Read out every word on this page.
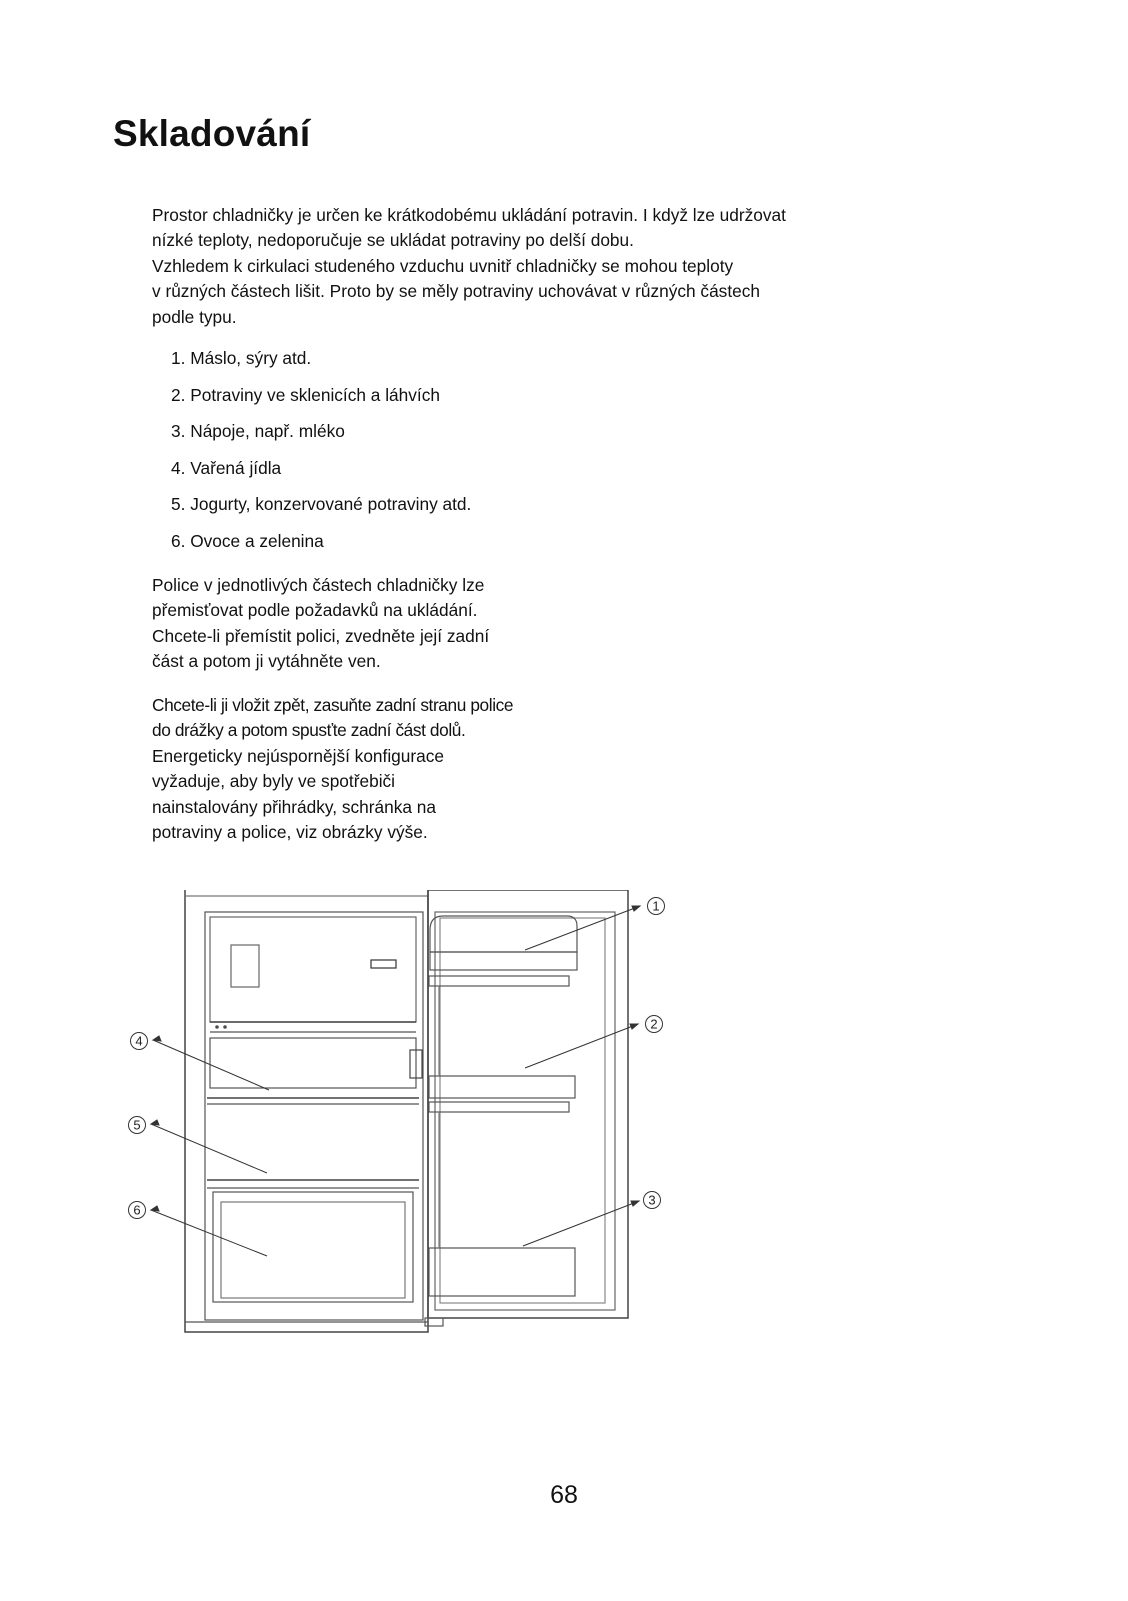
Skladování

Prostor chladničky je určen ke krátkodobému ukládání potravin. I když lze udržovat
nízké teploty, nedoporučuje se ukládat potraviny po delší dobu.
Vzhledem k cirkulaci studeného vzduchu uvnitř chladničky se mohou teploty
v různých částech lišit. Proto by se měly potraviny uchovávat v různých částech
podle typu.

1. Máslo, sýry atd.
2. Potraviny ve sklenicích a láhvích
3. Nápoje, např. mléko
4. Vařená jídla
5. Jogurty, konzervované potraviny atd.
6. Ovoce a zelenina

Police v jednotlivých částech chladničky lze
přemisťovat podle požadavků na ukládání.
Chcete-li přemístit polici, zvedněte její zadní
část a potom ji vytáhněte ven.

Chcete-li ji vložit zpět, zasuňte zadní stranu police
do drážky a potom spusťte zadní část dolů.

Energeticky nejúspornější konfigurace
vyžaduje, aby byly ve spotřebiči
nainstalovány přihrádky, schránka na
potraviny a police, viz obrázky výše.

1
2
3
4
5
6
68
